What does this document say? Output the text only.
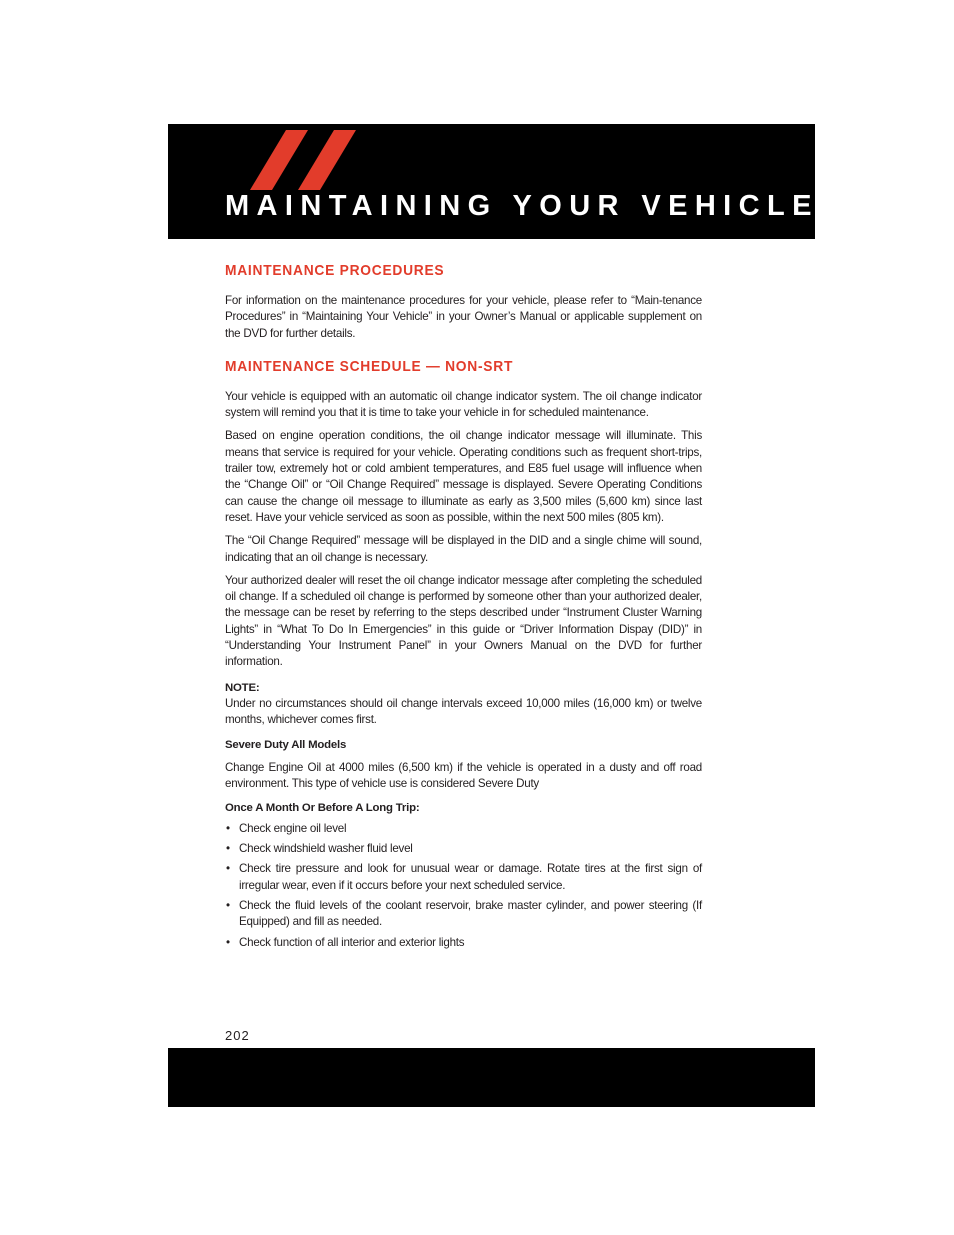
MAINTAINING YOUR VEHICLE
MAINTENANCE PROCEDURES

For information on the maintenance procedures for your vehicle, please refer to “Main-tenance Procedures” in “Maintaining Your Vehicle” in your Owner’s Manual or applicable supplement on the DVD for further details.

MAINTENANCE SCHEDULE — NON-SRT

Your vehicle is equipped with an automatic oil change indicator system. The oil change indicator system will remind you that it is time to take your vehicle in for scheduled maintenance.

Based on engine operation conditions, the oil change indicator message will illuminate. This means that service is required for your vehicle. Operating conditions such as frequent short-trips, trailer tow, extremely hot or cold ambient temperatures, and E85 fuel usage will influence when the “Change Oil” or “Oil Change Required” message is displayed. Severe Operating Conditions can cause the change oil message to illuminate as early as 3,500 miles (5,600 km) since last reset. Have your vehicle serviced as soon as possible, within the next 500 miles (805 km).

The “Oil Change Required” message will be displayed in the DID and a single chime will sound, indicating that an oil change is necessary.

Your authorized dealer will reset the oil change indicator message after completing the scheduled oil change. If a scheduled oil change is performed by someone other than your authorized dealer, the message can be reset by referring to the steps described under “Instrument Cluster Warning Lights” in “What To Do In Emergencies” in this guide or “Driver Information Dispay (DID)” in “Understanding Your Instrument Panel” in your Owners Manual on the DVD for further information.

NOTE:

Under no circumstances should oil change intervals exceed 10,000 miles (16,000 km) or twelve months, whichever comes first.

Severe Duty All Models

Change Engine Oil at 4000 miles (6,500 km) if the vehicle is operated in a dusty and off road environment. This type of vehicle use is considered Severe Duty

Once A Month Or Before A Long Trip:

• Check engine oil level
• Check windshield washer fluid level
• Check tire pressure and look for unusual wear or damage. Rotate tires at the first sign of irregular wear, even if it occurs before your next scheduled service.
• Check the fluid levels of the coolant reservoir, brake master cylinder, and power steering (If Equipped) and fill as needed.
• Check function of all interior and exterior lights
202
